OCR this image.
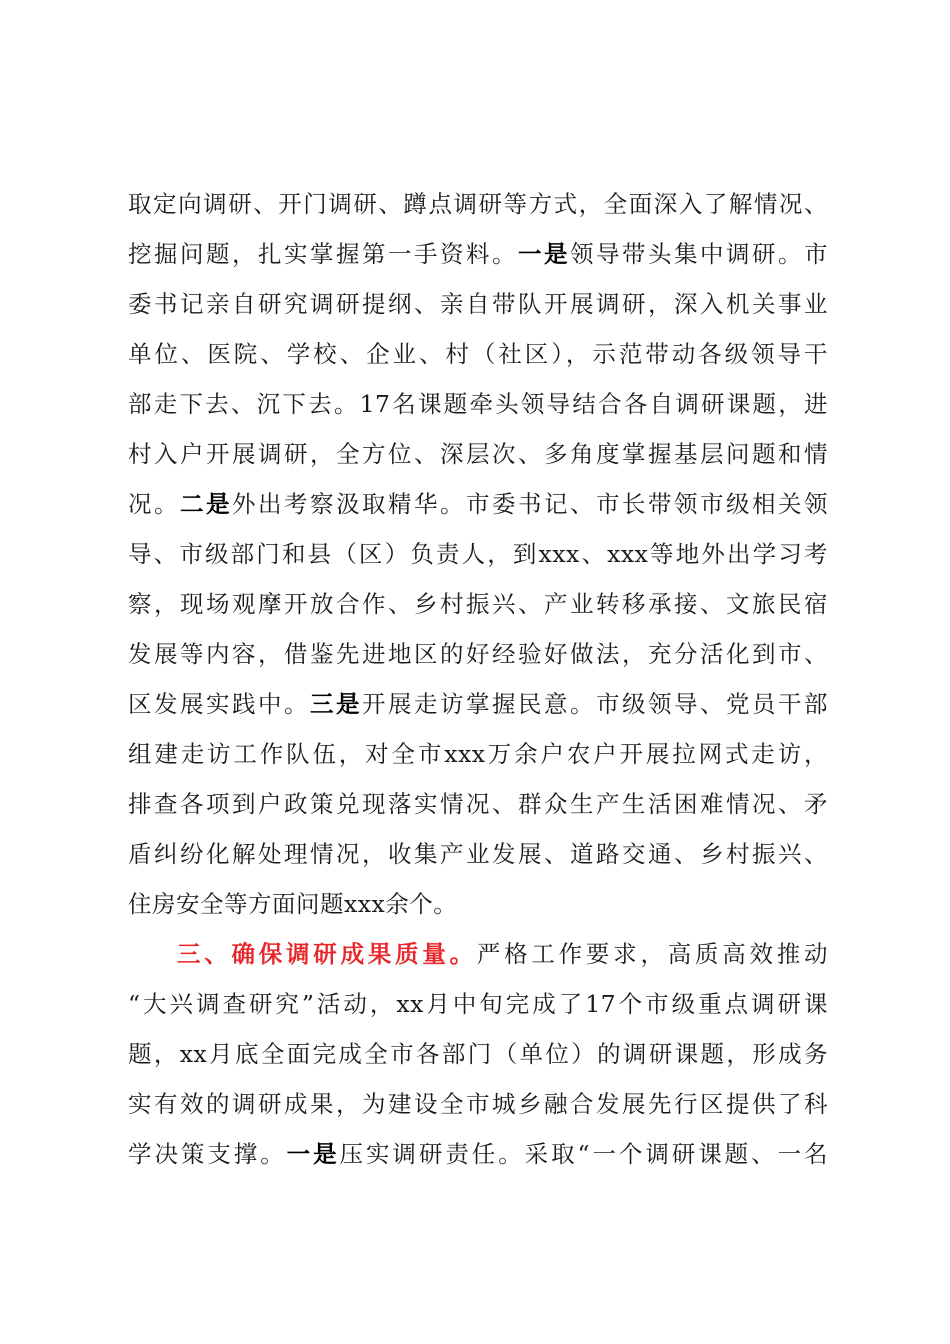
取定向调研、开门调研、蹲点调研等方式，全面深入了解情况、
挖掘问题，扎实掌握第一手资料。一是领导带头集中调研。市
委书记亲自研究调研提纲、亲自带队开展调研，深入机关事业
单位、医院、学校、企业、村（社区），示范带动各级领导干
部走下去、沉下去。17名课题牵头领导结合各自调研课题，进
村入户开展调研，全方位、深层次、多角度掌握基层问题和情
况。二是外出考察汲取精华。市委书记、市长带领市级相关领
导、市级部门和县（区）负责人，到xxx、xxx等地外出学习考
察，现场观摩开放合作、乡村振兴、产业转移承接、文旅民宿
发展等内容，借鉴先进地区的好经验好做法，充分活化到市、
区发展实践中。三是开展走访掌握民意。市级领导、党员干部
组建走访工作队伍，对全市xxx万余户农户开展拉网式走访，
排查各项到户政策兑现落实情况、群众生产生活困难情况、矛
盾纠纷化解处理情况，收集产业发展、道路交通、乡村振兴、
住房安全等方面问题xxx余个。
三、确保调研成果质量。严格工作要求，高质高效推动
“大兴调查研究”活动，xx月中旬完成了17个市级重点调研课
题，xx月底全面完成全市各部门（单位）的调研课题，形成务
实有效的调研成果，为建设全市城乡融合发展先行区提供了科
学决策支撑。一是压实调研责任。采取“一个调研课题、一名
